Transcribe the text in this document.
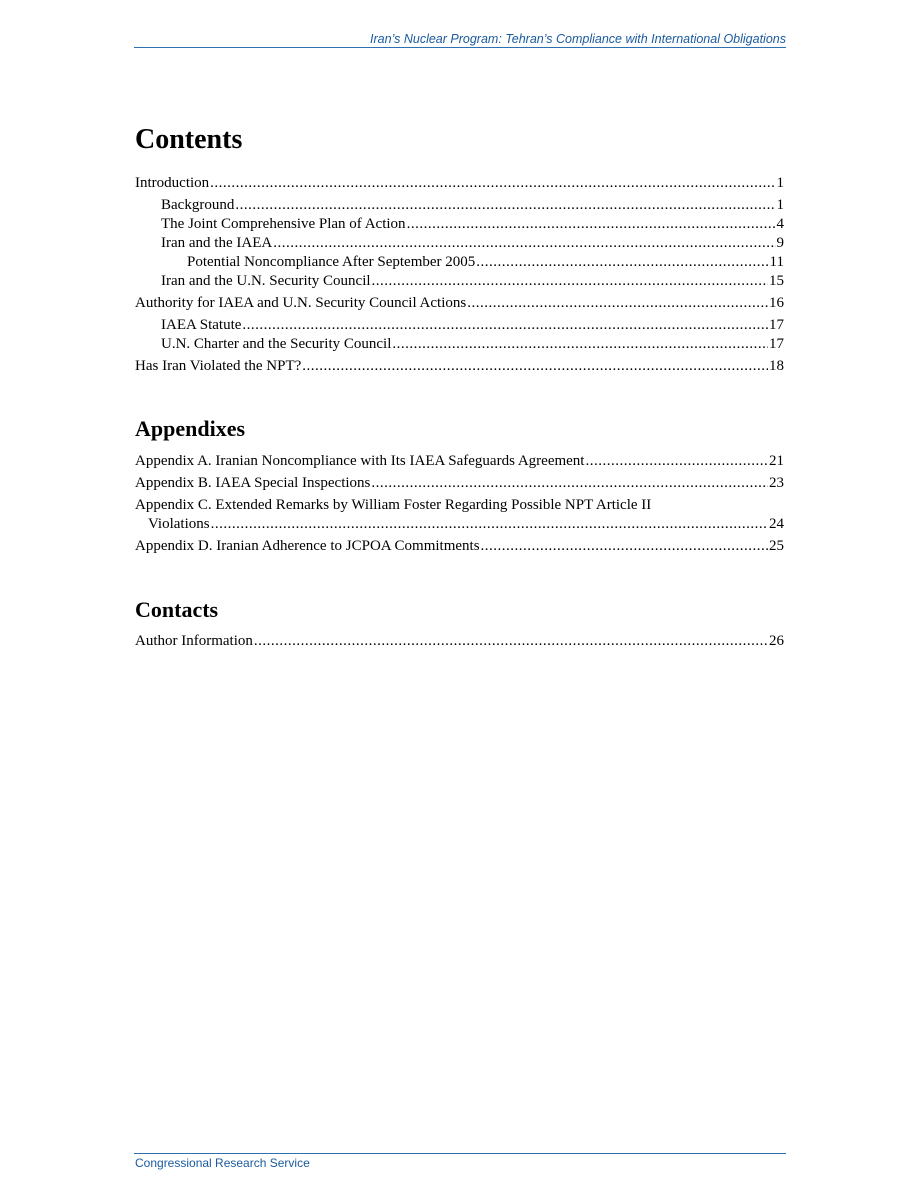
Iran’s Nuclear Program: Tehran’s Compliance with International Obligations
Contents
Introduction .....	1
Background .....	1
The Joint Comprehensive Plan of Action .....	4
Iran and the IAEA .....	9
Potential Noncompliance After September 2005 .....	11
Iran and the U.N. Security Council .....	15
Authority for IAEA and U.N. Security Council Actions .....	16
IAEA Statute .....	17
U.N. Charter and the Security Council .....	17
Has Iran Violated the NPT? .....	18
Appendixes
Appendix A. Iranian Noncompliance with Its IAEA Safeguards Agreement .....	21
Appendix B. IAEA Special Inspections .....	23
Appendix C. Extended Remarks by William Foster Regarding Possible NPT Article II
Violations .....	24
Appendix D. Iranian Adherence to JCPOA Commitments .....	25
Contacts
Author Information .....	26
Congressional Research Service
